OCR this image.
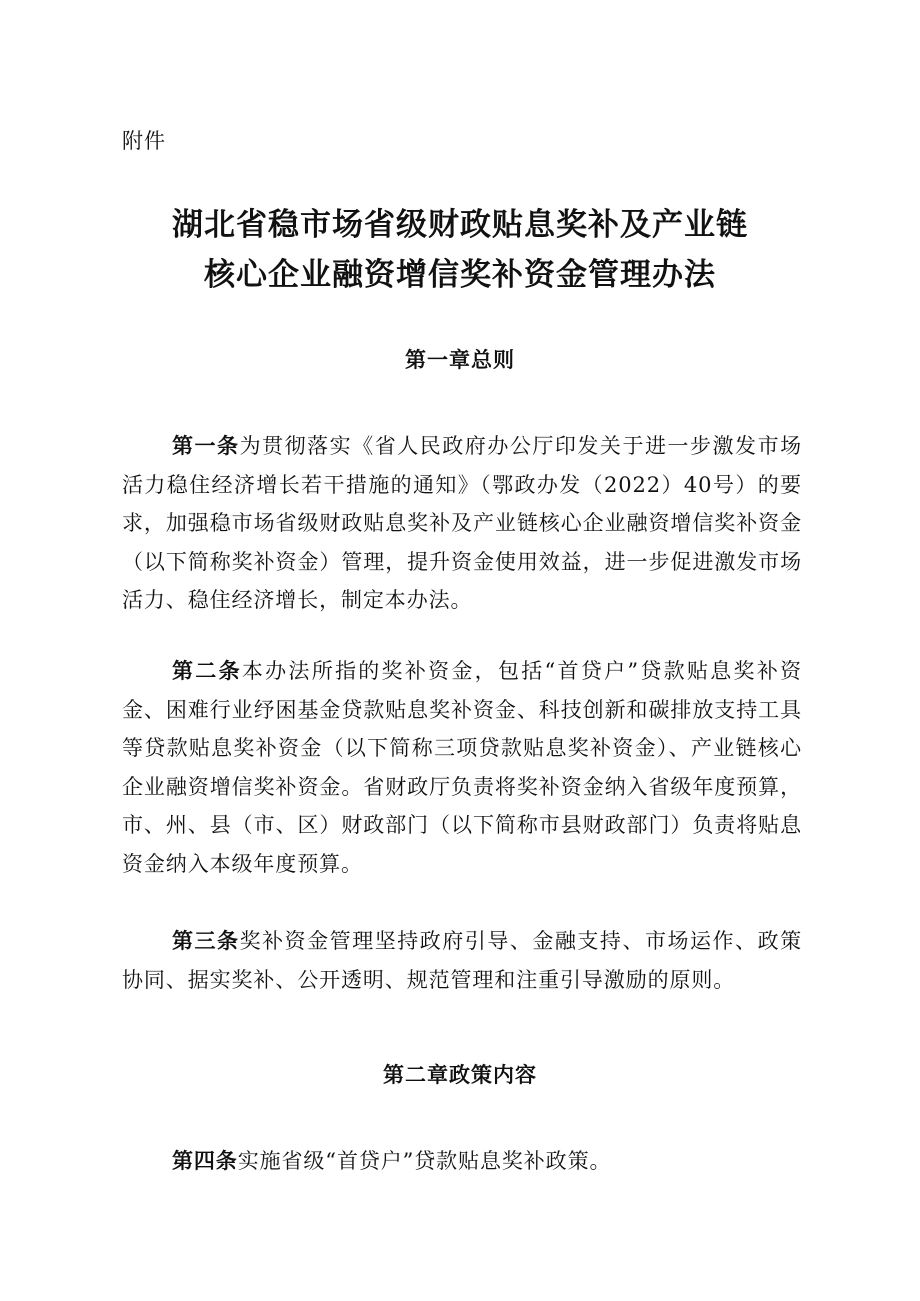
附件
湖北省稳市场省级财政贴息奖补及产业链
核心企业融资增信奖补资金管理办法
第一章总则

第一条为贯彻落实《省人民政府办公厅印发关于进一步激发市场活力稳住经济增长若干措施的通知》（鄂政办发（2022）40号）的要求，加强稳市场省级财政贴息奖补及产业链核心企业融资增信奖补资金（以下简称奖补资金）管理，提升资金使用效益，进一步促进激发市场活力、稳住经济增长，制定本办法。

第二条本办法所指的奖补资金，包括“首贷户”贷款贴息奖补资金、困难行业纾困基金贷款贴息奖补资金、科技创新和碳排放支持工具等贷款贴息奖补资金（以下简称三项贷款贴息奖补资金）、产业链核心企业融资增信奖补资金。省财政厅负责将奖补资金纳入省级年度预算，市、州、县（市、区）财政部门（以下简称市县财政部门）负责将贴息资金纳入本级年度预算。

第三条奖补资金管理坚持政府引导、金融支持、市场运作、政策协同、据实奖补、公开透明、规范管理和注重引导激励的原则。

第二章政策内容

第四条实施省级“首贷户”贷款贴息奖补政策。
